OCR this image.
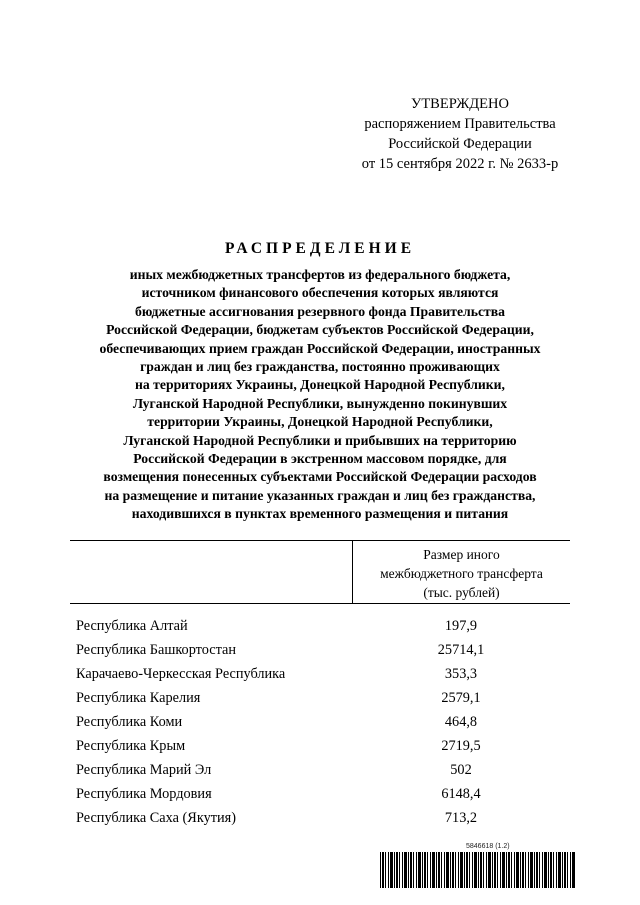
УТВЕРЖДЕНО
распоряжением Правительства
Российской Федерации
от 15 сентября 2022 г. № 2633-р
РАСПРЕДЕЛЕНИЕ
иных межбюджетных трансфертов из федерального бюджета,
источником финансового обеспечения которых являются
бюджетные ассигнования резервного фонда Правительства
Российской Федерации, бюджетам субъектов Российской Федерации,
обеспечивающих прием граждан Российской Федерации, иностранных
граждан и лиц без гражданства, постоянно проживающих
на территориях Украины, Донецкой Народной Республики,
Луганской Народной Республики, вынужденно покинувших
территории Украины, Донецкой Народной Республики,
Луганской Народной Республики и прибывших на территорию
Российской Федерации в экстренном массовом порядке, для
возмещения понесенных субъектами Российской Федерации расходов
на размещение и питание указанных граждан и лиц без гражданства,
находившихся в пунктах временного размещения и питания
Размер иного
межбюджетного трансферта
(тыс. рублей)
Республика Алтай	197,9
Республика Башкортостан	25714,1
Карачаево-Черкесская Республика	353,3
Республика Карелия	2579,1
Республика Коми	464,8
Республика Крым	2719,5
Республика Марий Эл	502
Республика Мордовия	6148,4
Республика Саха (Якутия)	713,2
5846618 (1.2)
